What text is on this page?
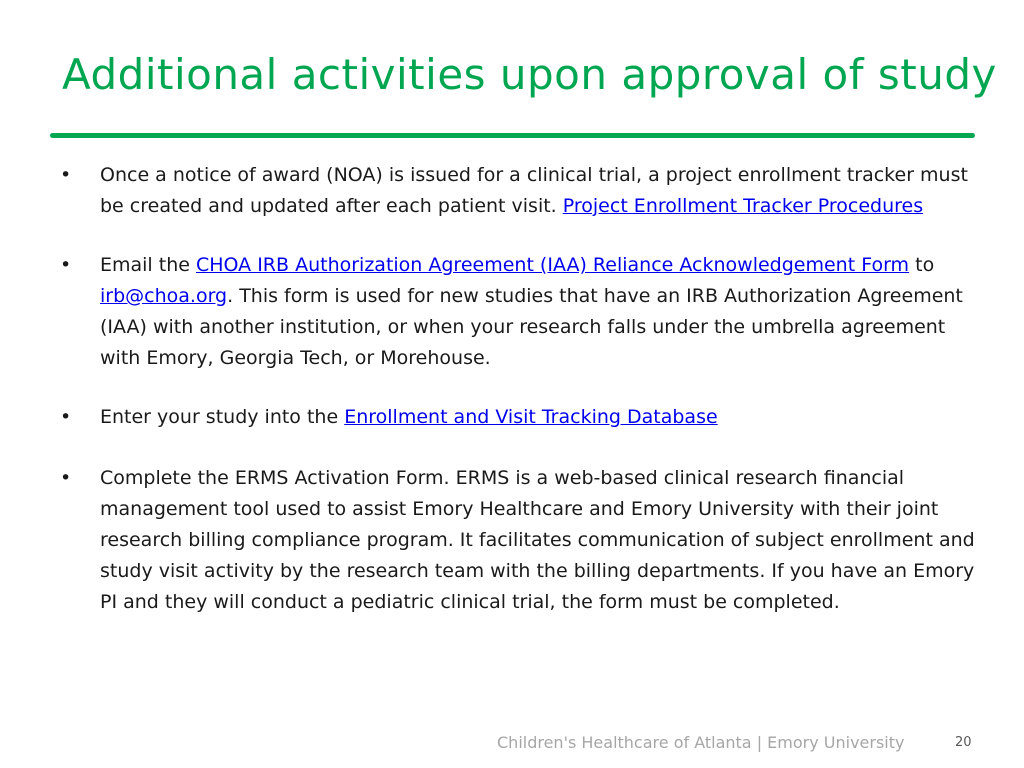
Additional activities upon approval of study
• Once a notice of award (NOA) is issued for a clinical trial, a project enrollment tracker must be created and updated after each patient visit. Project Enrollment Tracker Procedures
• Email the CHOA IRB Authorization Agreement (IAA) Reliance Acknowledgement Form to irb@choa.org. This form is used for new studies that have an IRB Authorization Agreement (IAA) with another institution, or when your research falls under the umbrella agreement with Emory, Georgia Tech, or Morehouse.
• Enter your study into the Enrollment and Visit Tracking Database
• Complete the ERMS Activation Form. ERMS is a web-based clinical research financial management tool used to assist Emory Healthcare and Emory University with their joint research billing compliance program. It facilitates communication of subject enrollment and study visit activity by the research team with the billing departments. If you have an Emory PI and they will conduct a pediatric clinical trial, the form must be completed.
Children's Healthcare of Atlanta | Emory University	20
